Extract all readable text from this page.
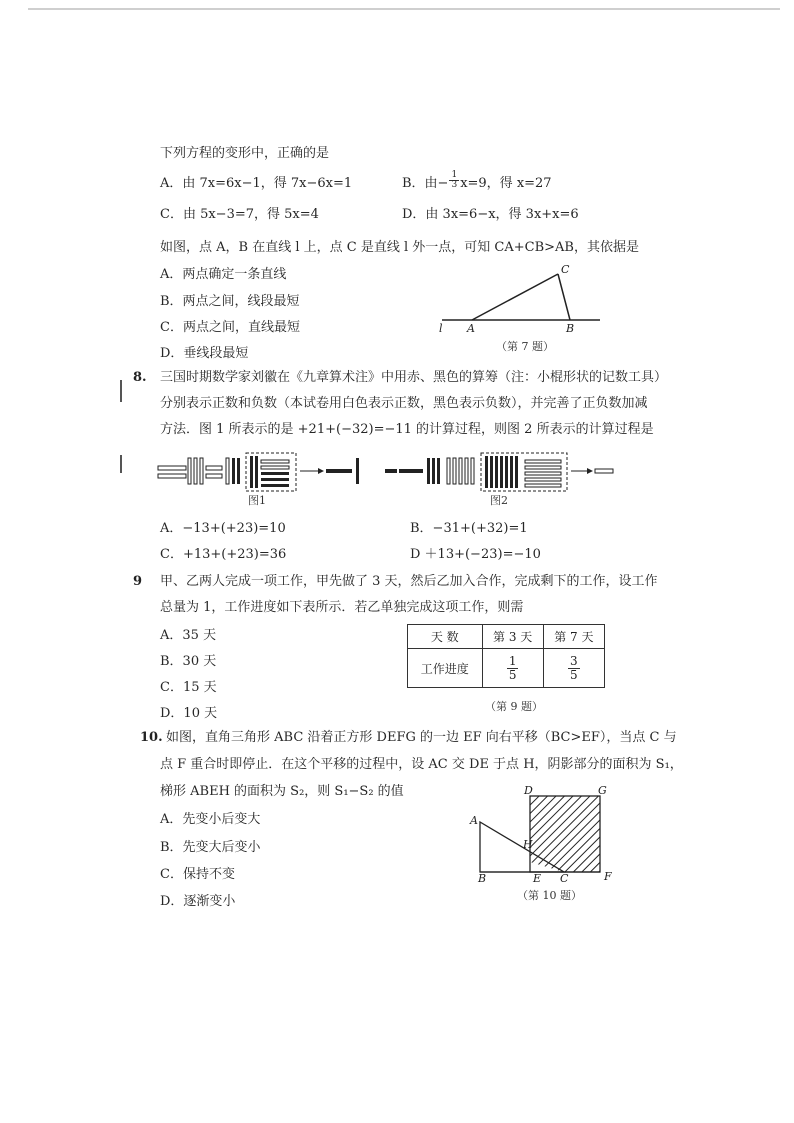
下列方程的变形中，正确的是
A．由 7x=6x−1，得 7x−6x=1	B．由− $\frac{1}{3} x=9$，得 x=27
C．由 5x−3=7，得 5x=4	D．由 3x=6−x，得 3x+x=6
如图，点 A，B 在直线 l 上，点 C 是直线 l 外一点，可知 CA+CB>AB，其依据是
A．两点确定一条直线
B．两点之间，线段最短
C．两点之间，直线最短
D．垂线段最短
C
l A	B
（第 7 题）
8. 三国时期数学家刘徽在《九章算术注》中用赤、黑色的算筹（注：小棍形状的记数工具）
分别表示正数和负数（本试卷用白色表示正数，黑色表示负数），并完善了正负数加减
方法．图 1 所表示的是 +21+(−32)=−11 的计算过程，则图 2 所表示的计算过程是
图1	图2
A．−13+(+23)=10	B．−31+(+32)=1
C．+13+(+23)=36	D ＋13+(−23)=−10
9 甲、乙两人完成一项工作，甲先做了 3 天，然后乙加入合作，完成剩下的工作，设工作
总量为 1，工作进度如下表所示．若乙单独完成这项工作，则需
A．35 天
B．30 天
C．15 天
D．10 天
天 数	第 3 天	第 7 天
工作进度	$\frac{1}{5}$	$\frac{3}{5}$
（第 9 题）
10. 如图，直角三角形 ABC 沿着正方形 DEFG 的一边 EF 向右平移（BC>EF），当点 C 与
点 F 重合时即停止．在这个平移的过程中，设 AC 交 DE 于点 H，阴影部分的面积为 S₁，
梯形 ABEH 的面积为 S₂，则 S₁−S₂ 的值
A．先变小后变大
B．先变大后变小
C．保持不变
D．逐渐变小
D	G
A
H
B	E C	F
（第 10 题）
